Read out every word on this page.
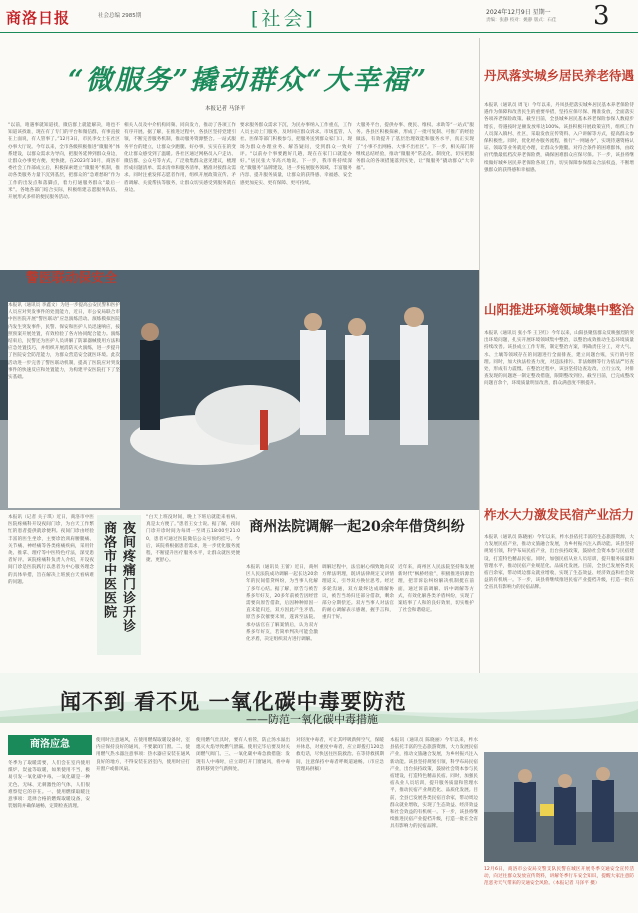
商洛日报	社会总编 2985期	[社会]	2024年12月9日 星期一
责编：张静 校对：姚静 版式：石佳 3
“微服务”撬动群众“大幸福”
本报记者 马泽平
“以前，咱遇事就知道找，微信群上就能解决，咱也不知道该找谁，现在有了专门的平台和微信群，有事直接在上面说，有人管事了。”12月3日，市民李女士在社区办事大厅说。今年以来，全市各级积极推进“微服务”体系建设，以群众需求为导向，把服务延伸到群众身边，让群众办事更方便、更快捷。在2023年10月，商洛市委社会工作部成立后，积极探索建立“微服务”机制，推动各类服务力量下沉到基层，把群众的“急难愁盼”作为工作的出发点和落脚点，着力打通服务群众“最后一米”。各地各部门结合实际，积极组建志愿服务队伍，开展形式多样的便民服务活动。
相关人员及中介机构同频、同向发力，推动了各项工作有序开展。据了解，在推进过程中，各县区坚持党建引领，不断完善服务机制，推动服务资源整合。一站式服务平台的建立，让群众少跑腿、好办事，实实在在的变化让群众感受到了温暖。各社区通过网格员入户走访、微信群、公众号等方式，广泛收集群众意见建议，梳理形成问题清单、需求清单和服务清单，精准对接群众需求。同时注重发挥志愿者作用，组织开展政策宣传、矛盾调解、关爱帮扶等服务，让群众切实感受到服务就在身边。
要求服务群众需求下沉，为民办事纳入工作重点，工作人员主动上门服务，及时回应群众诉求。市场监管、人社、医保等部门积极参与，把服务送到群众家门口，现场为群众办理业务、解答疑问，受到群众一致好评。“以前办个事要跑好几趟，现在在家门口就能办好。”居民张大爷高兴地说。下一步，我市将持续深化“微服务”品牌建设，进一步拓展服务领域、丰富服务内容、提升服务质量，让群众的获得感、幸福感、安全感更加充实、更有保障、更可持续。
大服务平台，提供办事、便民、维权、求助等“一站式”服务。各县区积极探索，形成了一批可复制、可推广的经验做法，有效提升了基层治理效能和服务水平，真正实现了“小事不出网格、大事不出社区”。下一步，相关部门将继续总结经验，推动“微服务”常态化、制度化，切实把服务群众的各项措施落到实处，让“微服务”撬动群众“大幸福”。
丹凤落实城乡居民养老待遇
本报讯（通讯员 周飞）今年以来，丹凤县把落实城乡居民基本养老保险待遇作为保障和改善民生的重要举措，坚持应保尽保、精准发放，全面落实各项养老保险政策。截至目前，全县城乡居民基本养老保险参保人数稳步增长，待遇按时足额发放率达100%。该县积极开展政策宣传，组织工作人员深入镇村、社区，采取发放宣传资料、入户讲解等方式，提高群众参保积极性。同时，优化经办服务流程，推行“一网通办”，实现待遇资格认证、领取等业务就近办理，让群众少跑腿。对符合条件的困难群体，由政府代缴最低档次养老保险费，确保困难群众应保尽保。下一步，该县将继续做好城乡居民养老保险各项工作，切实保障参保群众合法权益，不断增强群众的获得感和幸福感。
山阳推进环境领域集中整治
本报讯（通讯员 张小华 王卫红）今年以来，山阳县聚焦群众反映强烈的突出环境问题，扎实开展环境领域集中整治，以整治成效推动生态环境质量持续改善。该县成立工作专班，制定整治方案，明确责任分工，对大气、水、土壤等领域存在的问题进行全面排查，建立问题台账，实行销号管理。同时，加大执法检查力度，对违法排污、非法倾倒等行为依法严厉查处，形成有力震慑。在整治过程中，该县坚持边查边改、立行立改，对排查发现的问题逐一制定整改措施，限期整改到位。截至目前，已完成整改问题百余个，环境质量明显改善，群众满意度不断提升。
柞水大力激发民宿产业活力
本报讯（通讯员 陈晓丽）今年以来，柞水县依托丰富的生态旅游资源，大力发展民宿产业，推动文旅融合发展，为乡村振兴注入新动能。该县坚持规划引领，科学布局民宿产业，出台扶持政策，鼓励社会资本参与民宿建设，打造特色精品民宿。同时，加强民宿从业人员培训，提升服务质量和管理水平，推动民宿产业规范化、品质化发展。目前，全县已发展各类民宿百余家，带动周边群众就业增收，实现了生态效益、经济效益和社会效益的有机统一。下一步，该县将继续推进民宿产业提档升级，打造一批在全省具有影响力的民宿品牌。
警医联动保安全
本报讯（通讯员 李鑫文）为进一步提高公安民警和医护人员应对突发事件的处置能力，近日，市公安局联合市中医医院开展“警医联动”应急演练活动。演练模拟医院内发生突发事件，民警、保安和医护人员迅速响应，按照预案开展处置，有效检验了各方协同配合能力。演练结束后，民警还为医护人员讲解了防暴器械使用方法和应急处置技巧，并组织开展消防灭火演练，进一步提升了医院安全防范能力，为群众营造安全就医环境。此次活动进一步完善了警医联动机制，提高了医院应对突发事件的快速反应和处置能力，为构建平安医院打下了坚实基础。
本报讯（记者 关子琪）近日，商洛市中医医院疼痛科开设夜间门诊，为白天工作繁忙的患者提供就诊便利。夜间门诊由经验丰富的医生坐诊，主要诊治颈肩腰腿痛、关节痛、神经痛等各类疼痛疾病，采用针灸、推拿、理疗等中医特色疗法，深受患者好评。该院疼痛科负责人介绍，开设夜间门诊是医院践行以患者为中心服务理念的具体举措，旨在解决上班族白天看病难的问题。	夜间疼痛门诊开诊
商洛市中医医院
“白天上班没时间，晚上下班后就能来看病，真是太方便了。”患者王女士说。据了解，夜间门诊开诊时间为每周一至周五18:00至21:00，患者可通过医院微信公众号预约挂号。今后，该院将根据患者需求，进一步优化服务流程，不断提升医疗服务水平，让群众就医更便捷、更舒心。
商州法院调解一起20余年借贷纠纷
本报讯（通讯员 王蕾）近日，商州区人民法院成功调解一起长达20余年的民间借贷纠纷，为当事人化解了多年心结。据了解，原告与被告系多年好友，20多年前被告因经营需要向原告借款，后因种种原因一直未能归还，双方因此产生矛盾。原告多次催要未果，遂诉至法院。承办法官在了解案情后，认为双方系多年好友，若简单判决可能会激化矛盾，决定组织双方进行调解。
调解过程中，法官耐心细致地向双方释法明理，既讲法律规定又讲情理道义，引导双方换位思考。经过多轮沟通，双方最终达成调解协议，被告当场归还部分借款，剩余部分分期偿还。双方当事人对法官的耐心调解表示感谢，握手言和，重归于好。
近年来，商州区人民法院坚持和发展新时代“枫桥经验”，积极推进诉源治理，把非诉讼纠纷解决机制挺在前面，通过诉前调解、诉中调解等方式，有效化解各类矛盾纠纷，实现了案结事了人和的良好效果，切实维护了社会和谐稳定。
闻不到 看不见 一氧化碳中毒要防范
——防范一氧化碳中毒措施
商洛应急
冬季为了取暖需要，人们会在室内使用煤炉、炭盆等取暖，如果使用不当，极易引发一氧化碳中毒。一氧化碳是一种无色、无味、无刺激性的气体，人们很难察觉它的存在。一、使用燃煤取暖注意事项：选择合格的燃煤取暖设备，安装烟筒并确保通畅，定期检查清理。
使用时注意通风，在使用燃煤取暖设备时，室内应保持良好的通风，不要紧闭门窗。二、使用燃气热水器注意事项：热水器应安装在通风良好的地方，不得安装在浴室内，使用时应打开窗户或排风扇。
使用燃气灶具时，要有人看管，防止汤水溢出熄灭火焰导致燃气泄漏。使用完毕后要及时关闭燃气阀门。三、一氧化碳中毒急救措施：发现有人中毒时，应立即打开门窗通风，将中毒者转移到空气新鲜处。
对轻度中毒者，可让其呼吸新鲜空气，保暖并休息，对重度中毒者，应立即拨打120急救电话，尽快送往医院救治。在等待救援期间，注意保持中毒者呼吸道通畅。（市应急管理局供稿）
本报讯（通讯员 陈晓丽）今年以来，柞水县依托丰富的生态旅游资源，大力发展民宿产业，推动文旅融合发展，为乡村振兴注入新动能。该县坚持规划引领，科学布局民宿产业，出台扶持政策，鼓励社会资本参与民宿建设，打造特色精品民宿。同时，加强民宿从业人员培训，提升服务质量和管理水平，推动民宿产业规范化、品质化发展。目前，全县已发展各类民宿百余家，带动周边群众就业增收，实现了生态效益、经济效益和社会效益的有机统一。下一步，该县将继续推进民宿产业提档升级，打造一批在全省具有影响力的民宿品牌。
12月6日，商洛市公安局交警支队民警在城区开展冬季交通安全宣传活动，向过往群众发放宣传资料，讲解冬季行车安全知识，提醒大家注意防范恶劣天气带来的交通安全风险。（本报记者 马泽平 摄）
